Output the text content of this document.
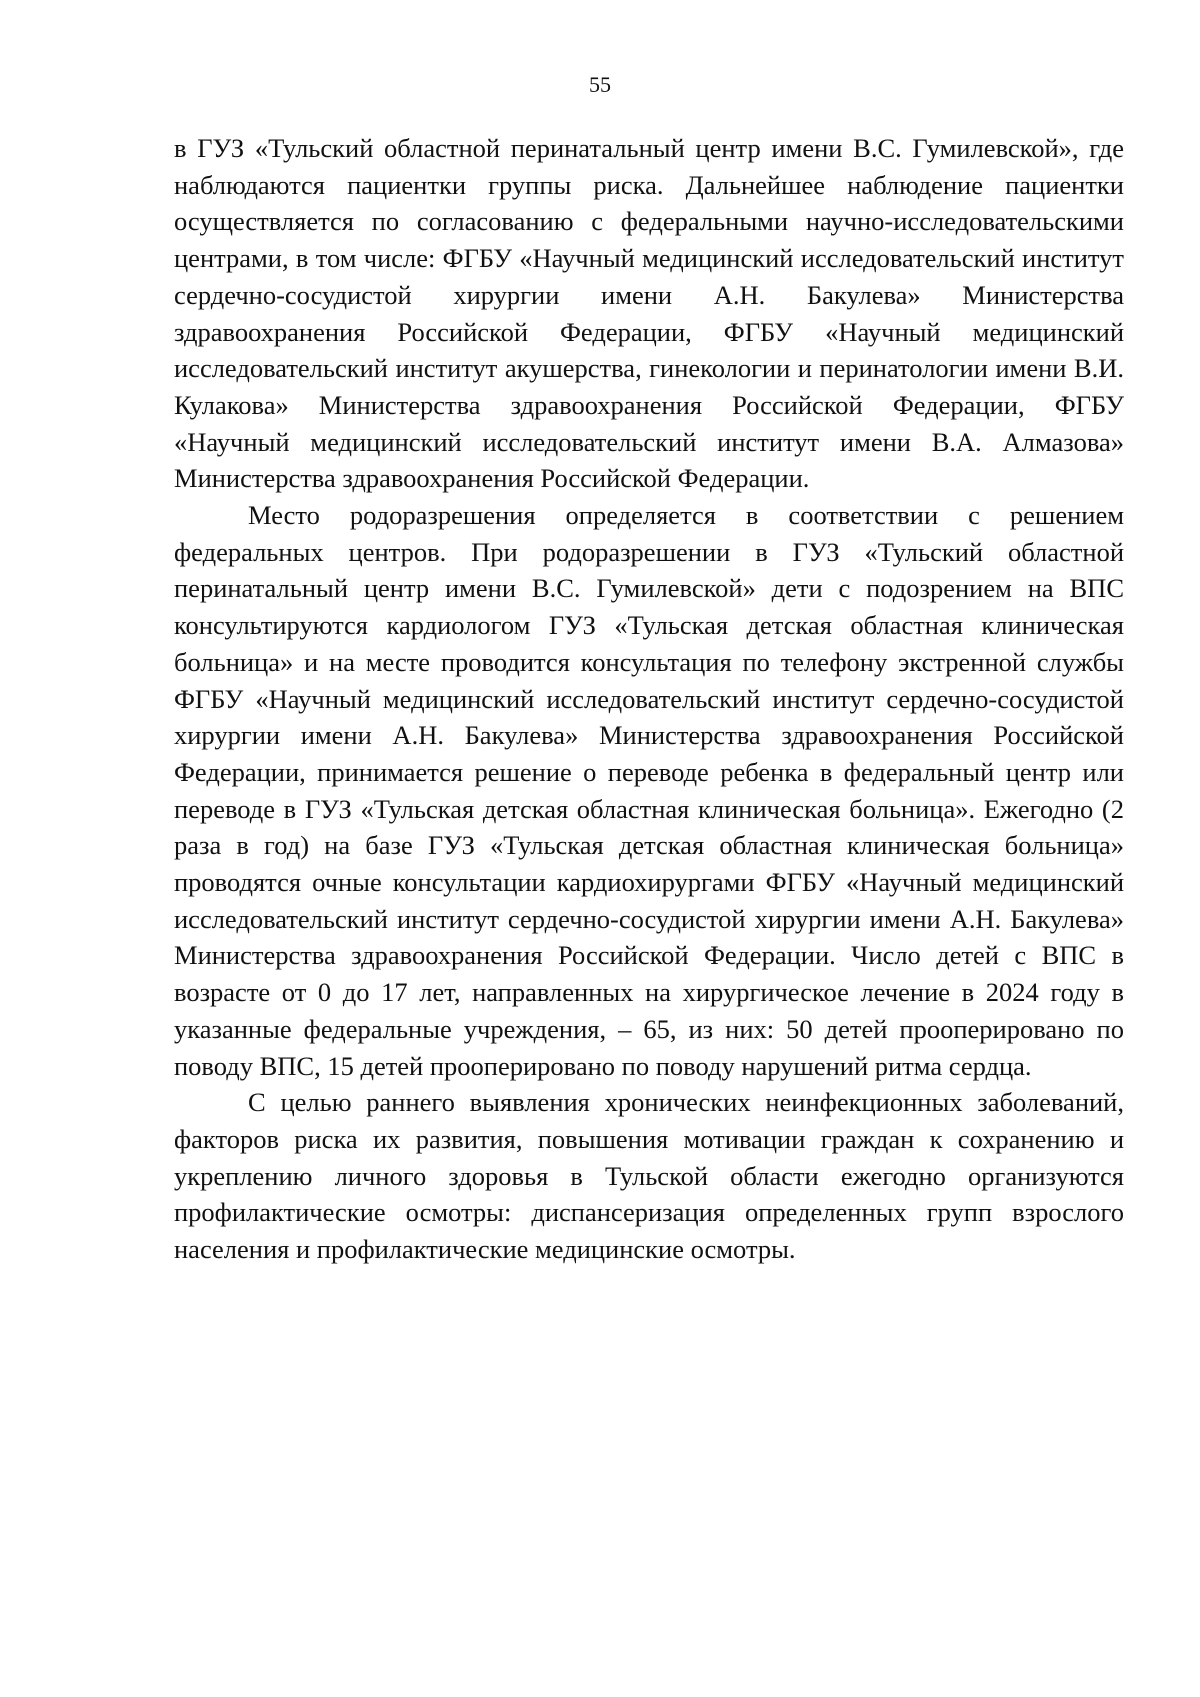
55

в ГУЗ «Тульский областной перинатальный центр имени В.С. Гумилевской», где наблюдаются пациентки группы риска. Дальнейшее наблюдение пациентки осуществляется по согласованию с федеральными научно-исследовательскими центрами, в том числе: ФГБУ «Научный медицинский исследовательский институт сердечно-сосудистой хирургии имени А.Н. Бакулева» Министерства здравоохранения Российской Федерации, ФГБУ «Научный медицинский исследовательский институт акушерства, гинекологии и перинатологии имени В.И. Кулакова» Министерства здравоохранения Российской Федерации, ФГБУ «Научный медицинский исследовательский институт имени В.А. Алмазова» Министерства здравоохранения Российской Федерации.

Место родоразрешения определяется в соответствии с решением федеральных центров. При родоразрешении в ГУЗ «Тульский областной перинатальный центр имени В.С. Гумилевской» дети с подозрением на ВПС консультируются кардиологом ГУЗ «Тульская детская областная клиническая больница» и на месте проводится консультация по телефону экстренной службы ФГБУ «Научный медицинский исследовательский институт сердечно-сосудистой хирургии имени А.Н. Бакулева» Министерства здравоохранения Российской Федерации, принимается решение о переводе ребенка в федеральный центр или переводе в ГУЗ «Тульская детская областная клиническая больница». Ежегодно (2 раза в год) на базе ГУЗ «Тульская детская областная клиническая больница» проводятся очные консультации кардиохирургами ФГБУ «Научный медицинский исследовательский институт сердечно-сосудистой хирургии имени А.Н. Бакулева» Министерства здравоохранения Российской Федерации. Число детей с ВПС в возрасте от 0 до 17 лет, направленных на хирургическое лечение в 2024 году в указанные федеральные учреждения, – 65, из них: 50 детей прооперировано по поводу ВПС, 15 детей прооперировано по поводу нарушений ритма сердца.

С целью раннего выявления хронических неинфекционных заболеваний, факторов риска их развития, повышения мотивации граждан к сохранению и укреплению личного здоровья в Тульской области ежегодно организуются профилактические осмотры: диспансеризация определенных групп взрослого населения и профилактические медицинские осмотры.
